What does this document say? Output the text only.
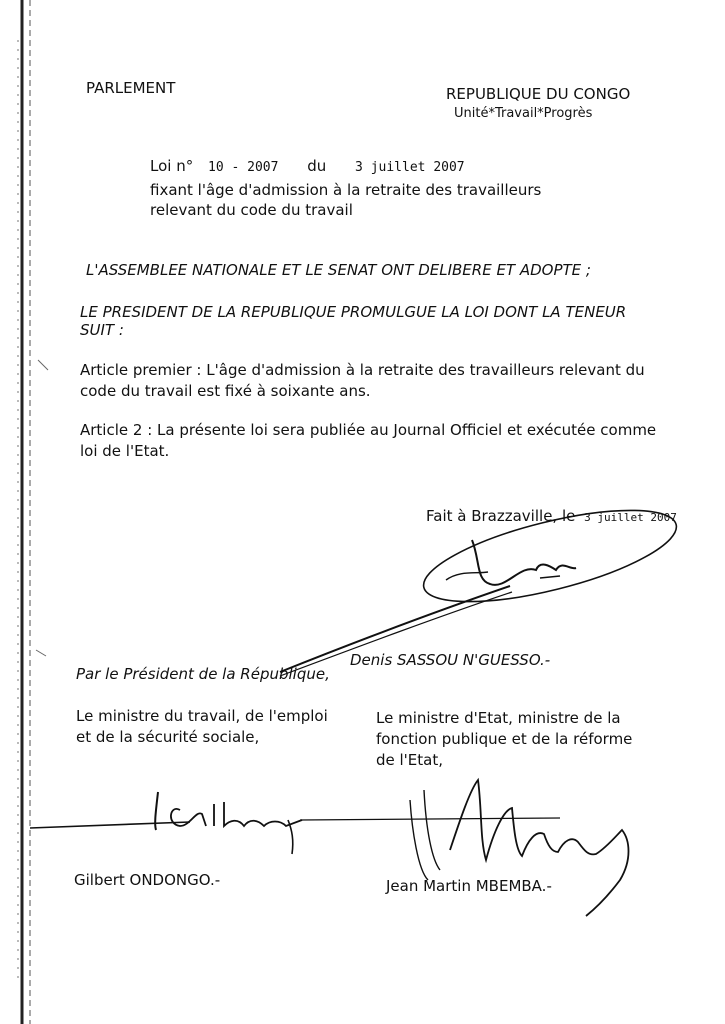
PARLEMENT	REPUBLIQUE DU CONGO
Unité*Travail*Progrès
Loi n° 10 - 2007 du 3 juillet 2007
fixant l'âge d'admission à la retraite des travailleurs
relevant du code du travail
L'ASSEMBLEE NATIONALE ET LE SENAT ONT DELIBERE ET ADOPTE ;
LE PRESIDENT DE LA REPUBLIQUE PROMULGUE LA LOI DONT LA TENEUR
SUIT :
Article premier : L'âge d'admission à la retraite des travailleurs relevant du
code du travail est fixé à soixante ans.
Article 2 : La présente loi sera publiée au Journal Officiel et exécutée comme
loi de l'Etat.
Fait à Brazzaville, le 3 juillet 2007
Denis SASSOU N'GUESSO.-
Par le Président de la République,
Le ministre du travail, de l'emploi
et de la sécurité sociale,
Le ministre d'Etat, ministre de la
fonction publique et de la réforme
de l'Etat,
Gilbert ONDONGO.-	Jean Martin MBEMBA.-
